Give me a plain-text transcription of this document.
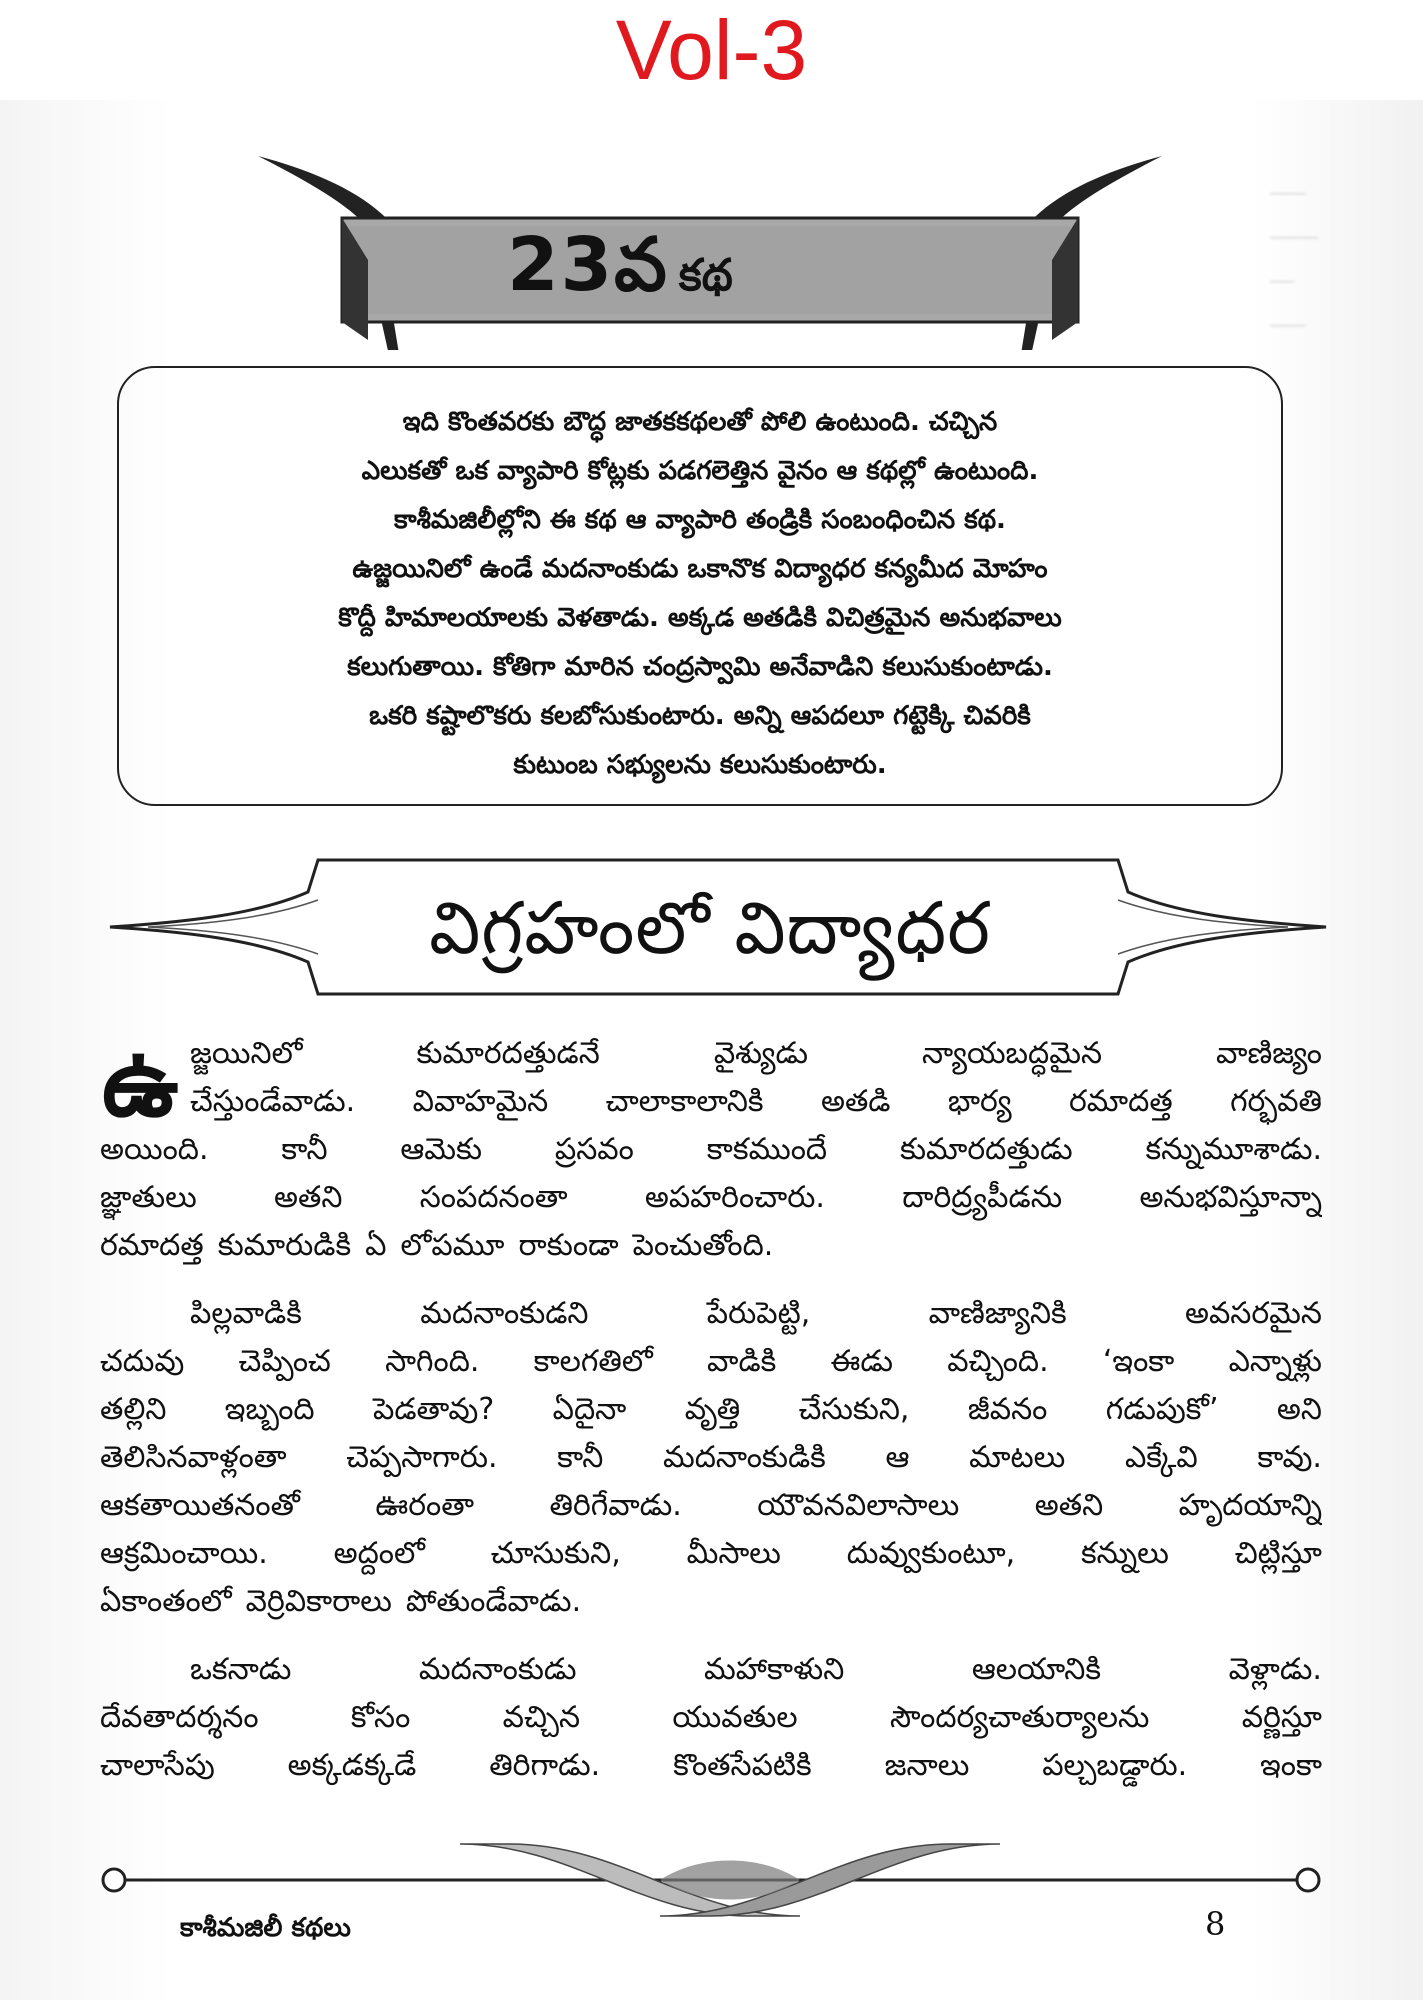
Vol-3
⎯⎯⎯
⎯⎯⎯⎯
⎯⎯
⎯⎯⎯
23వ కథ
ఇది కొంతవరకు బౌద్ధ జాతకకథలతో పోలి ఉంటుంది. చచ్చిన
ఎలుకతో ఒక వ్యాపారి కోట్లకు పడగలెత్తిన వైనం ఆ కథల్లో ఉంటుంది.
కాశీమజిలీల్లోని ఈ కథ ఆ వ్యాపారి తండ్రికి సంబంధించిన కథ.
ఉజ్జయినిలో ఉండే మదనాంకుడు ఒకానొక విద్యాధర కన్యమీద మోహం
కొద్దీ హిమాలయాలకు వెళతాడు. అక్కడ అతడికి విచిత్రమైన అనుభవాలు
కలుగుతాయి. కోతిగా మారిన చంద్రస్వామి అనేవాడిని కలుసుకుంటాడు.
ఒకరి కష్టాలొకరు కలబోసుకుంటారు. అన్ని ఆపదలూ గట్టెక్కి చివరికి
కుటుంబ సభ్యులను కలుసుకుంటారు.
విగ్రహంలో విద్యాధర
ఉ జ్జయినిలో	కుమారదత్తుడనే	వైశ్యుడు	న్యాయబద్ధమైన	వాణిజ్యం
చేస్తుండేవాడు. వివాహమైన చాలాకాలానికి అతడి భార్య రమాదత్త గర్భవతి
అయింది. కానీ ఆమెకు ప్రసవం కాకముందే కుమారదత్తుడు కన్నుమూశాడు.
జ్ఞాతులు	అతని	సంపదనంతా	అపహరించారు.	దారిద్ర్యపీడను	అనుభవిస్తూన్నా
రమాదత్త కుమారుడికి ఏ లోపమూ రాకుండా పెంచుతోంది.
పిల్లవాడికి	మదనాంకుడని	పేరుపెట్టి,	వాణిజ్యానికి	అవసరమైన
చదువు చెప్పించ సాగింది. కాలగతిలో వాడికి ఈడు వచ్చింది. ‘ఇంకా ఎన్నాళ్లు
తల్లిని ఇబ్బంది పెడతావు? ఏదైనా వృత్తి చేసుకుని, జీవనం గడుపుకో’ అని
తెలిసినవాళ్లంతా చెప్పసాగారు. కానీ మదనాంకుడికి ఆ మాటలు ఎక్కేవి కావు.
ఆకతాయితనంతో	ఊరంతా	తిరిగేవాడు.	యౌవనవిలాసాలు	అతని	హృదయాన్ని
ఆక్రమించాయి. అద్దంలో చూసుకుని, మీసాలు దువ్వుకుంటూ, కన్నులు చిట్లిస్తూ
ఏకాంతంలో వెర్రివికారాలు పోతుండేవాడు.
ఒకనాడు	మదనాంకుడు	మహాకాళుని	ఆలయానికి	వెళ్లాడు.
దేవతాదర్శనం	కోసం	వచ్చిన	యువతుల	సౌందర్యచాతుర్యాలను	వర్ణిస్తూ
చాలాసేపు అక్కడక్కడే తిరిగాడు. కొంతసేపటికి జనాలు పల్చబడ్డారు. ఇంకా
కాశీమజిలీ కథలు	8
